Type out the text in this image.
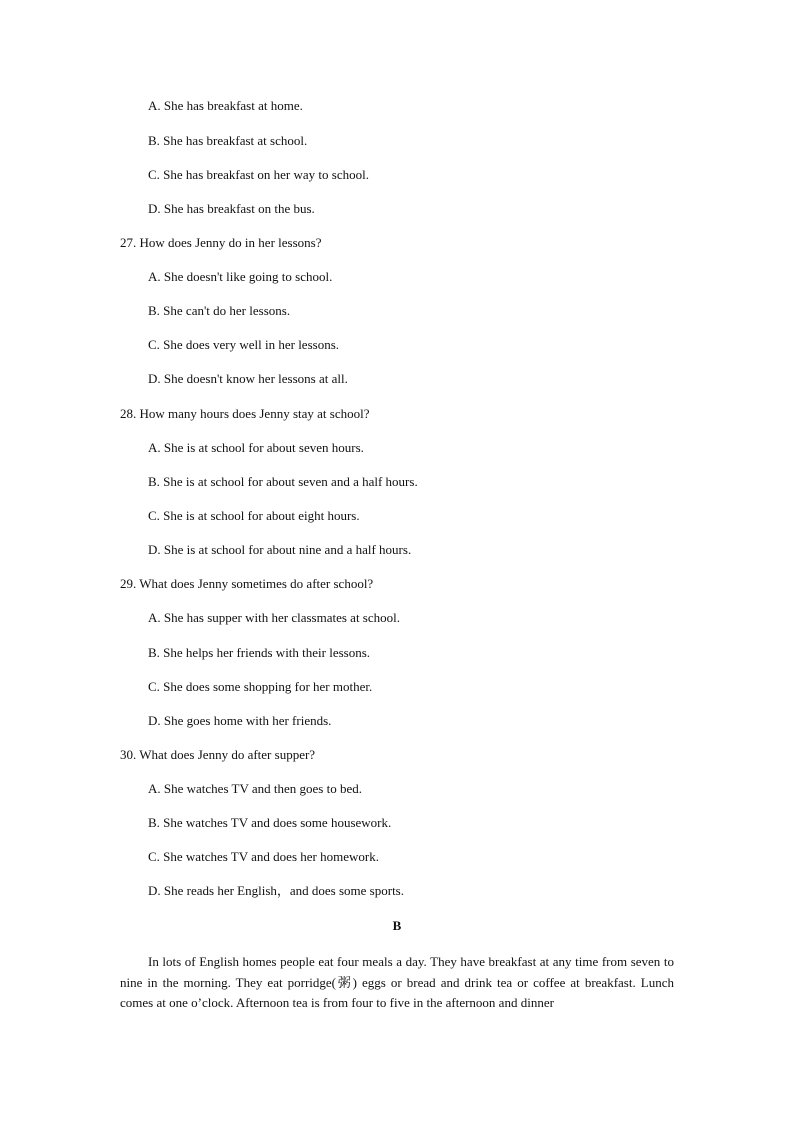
A. She has breakfast at home.
B. She has breakfast at school.
C. She has breakfast on her way to school.
D. She has breakfast on the bus.
27. How does Jenny do in her lessons?
A. She doesn't like going to school.
B. She can't do her lessons.
C. She does very well in her lessons.
D. She doesn't know her lessons at all.
28. How many hours does Jenny stay at school?
A. She is at school for about seven hours.
B. She is at school for about seven and a half hours.
C. She is at school for about eight hours.
D. She is at school for about nine and a half hours.
29. What does Jenny sometimes do after school?
A. She has supper with her classmates at school.
B. She helps her friends with their lessons.
C. She does some shopping for her mother.
D. She goes home with her friends.
30. What does Jenny do after supper?
A. She watches TV and then goes to bed.
B. She watches TV and does some housework.
C. She watches TV and does her homework.
D. She reads her English，and does some sports.
B
In lots of English homes people eat four meals a day. They have breakfast at any time from seven to nine in the morning. They eat porridge(粥) eggs or bread and drink tea or coffee at breakfast. Lunch comes at one o’clock. Afternoon tea is from four to five in the afternoon and dinner
